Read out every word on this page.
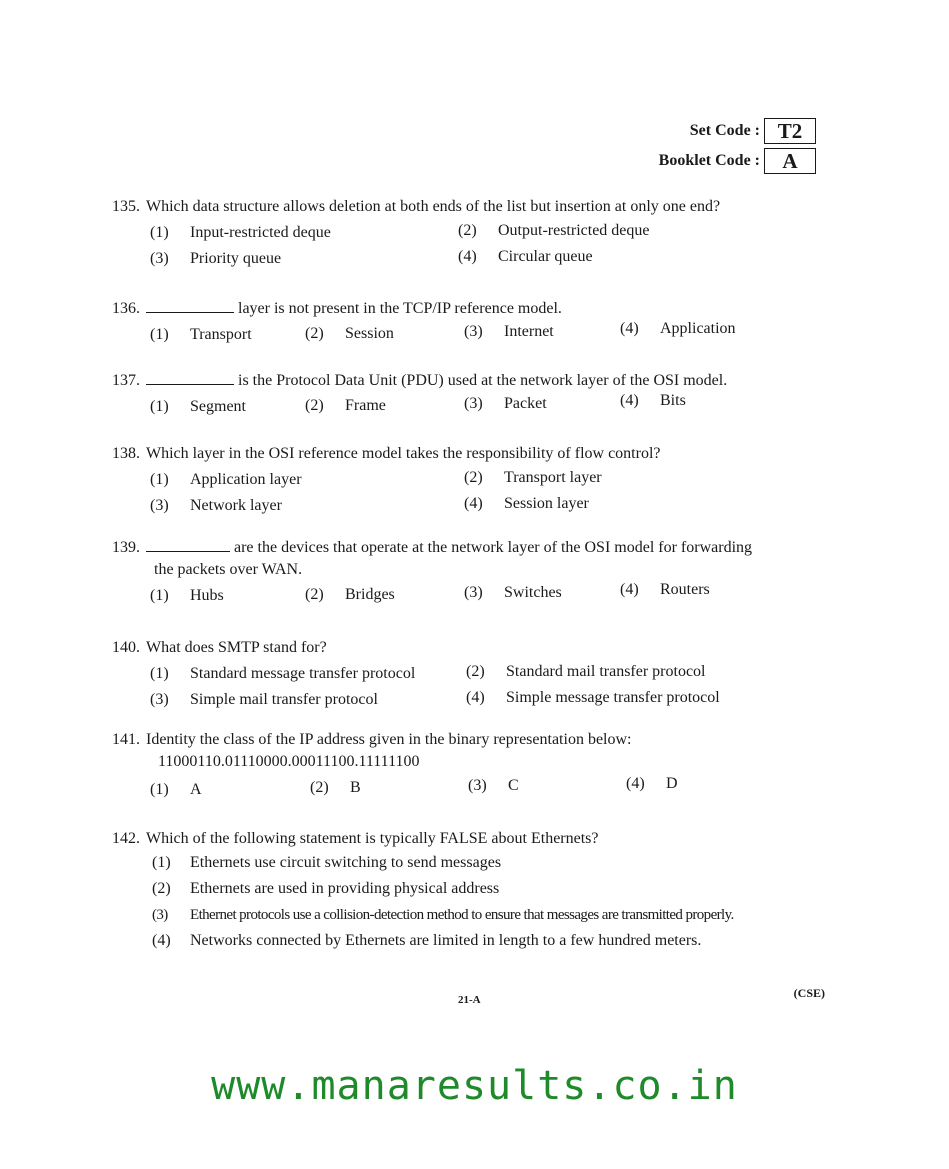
Set Code : T2
Booklet Code :	A
135. Which data structure allows deletion at both ends of the list but insertion at only one end?
(1) Input-restricted deque	(2) Output-restricted deque
(3) Priority queue	(4) Circular queue
136.	layer is not present in the TCP/IP reference model.
(1) Transport	(2) Session	(3) Internet	(4) Application
137.	is the Protocol Data Unit (PDU) used at the network layer of the OSI model.
(1) Segment	(2) Frame	(3) Packet	(4) Bits
138. Which layer in the OSI reference model takes the responsibility of flow control?
(1) Application layer	(2) Transport layer
(3) Network layer	(4) Session layer
139.	are the devices that operate at the network layer of the OSI model for forwarding
the packets over WAN.
(1) Hubs	(2) Bridges	(3) Switches	(4) Routers
140. What does SMTP stand for?
(1) Standard message transfer protocol	(2) Standard mail transfer protocol
(3) Simple mail transfer protocol	(4) Simple message transfer protocol
141. Identity the class of the IP address given in the binary representation below:
11000110.01110000.00011100.11111100
(1) A	(2) B	(3) C	(4) D
142. Which of the following statement is typically FALSE about Ethernets?
(1) Ethernets use circuit switching to send messages
(2) Ethernets are used in providing physical address
(3) Ethernet protocols use a collision-detection method to ensure that messages are transmitted properly.
(4) Networks connected by Ethernets are limited in length to a few hundred meters.
21-A	(CSE)
www.manaresults.co.in
